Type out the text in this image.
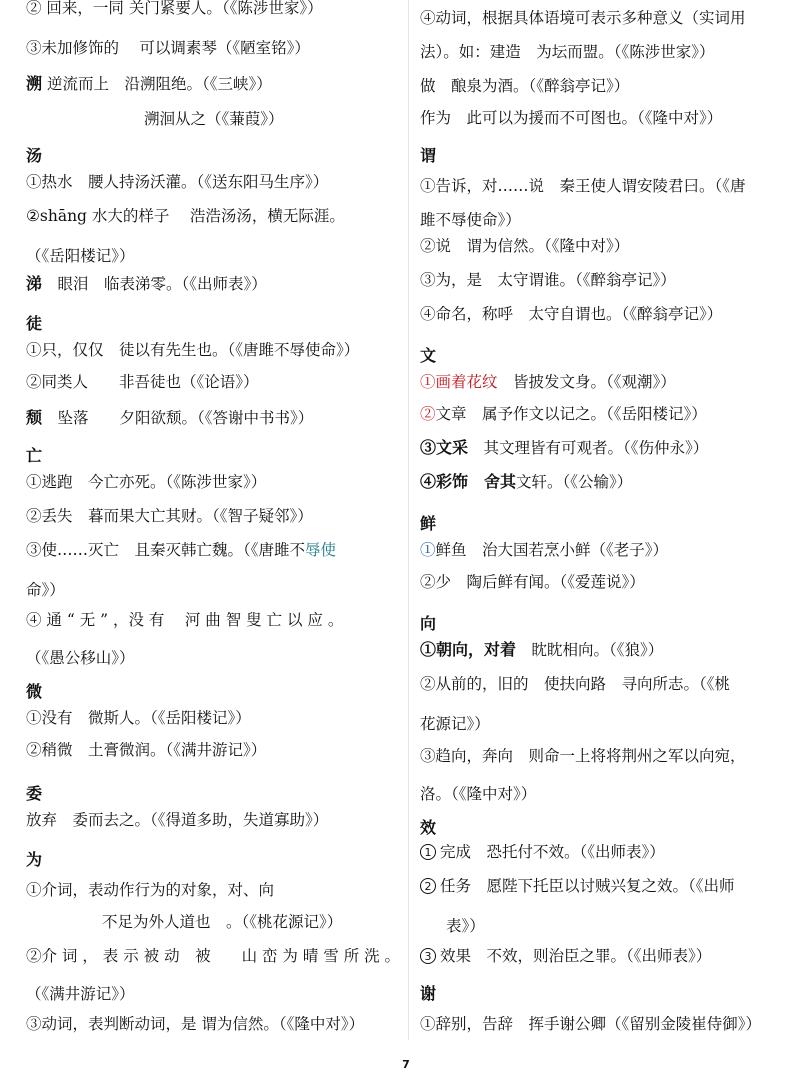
② 回来，一同 关门紧要人。（《陈涉世家》）
③未加修饰的　 可以调素琴（《陋室铭》）
溯 逆流而上　沿溯阻绝。（《三峡》）
溯洄从之（《蒹葭》）
汤
①热水　腰人持汤沃灌。（《送东阳马生序》）
②shāng 水大的样子　 浩浩汤汤，横无际涯。
（《岳阳楼记》）
涕　眼泪　临表涕零。（《出师表》）
徒
①只，仅仅　徒以有先生也。（《唐雎不辱使命》）
②同类人　　非吾徒也（《论语》）
颓　坠落　　夕阳欲颓。（《答谢中书书》）
亡
①逃跑　今亡亦死。（《陈涉世家》）
②丢失　暮而果大亡其财。（《智子疑邻》）
③使……灭亡　且秦灭韩亡魏。（《唐雎不辱使
命》）
④ 通 “ 无 ” ，没 有　 河 曲 智 叟 亡 以 应 。
（《愚公移山》）
微
①没有　微斯人。（《岳阳楼记》）
②稍微　土膏微润。（《满井游记》）
委
放弃　委而去之。（《得道多助，失道寡助》）
为
①介词，表动作行为的对象，对、向
不足为外人道也　。（《桃花源记》）
②介 词 ， 表 示 被 动　被　　山 峦 为 晴 雪 所 洗 。
（《满井游记》）
③动词，表判断动词，是 谓为信然。（《隆中对》）
④动词，根据具体语境可表示多种意义（实词用
法）。如：建造　为坛而盟。（《陈涉世家》）
做　酿泉为酒。（《醉翁亭记》）
作为　此可以为援而不可图也。（《隆中对》）
谓
①告诉，对……说　秦王使人谓安陵君曰。（《唐
雎不辱使命》）
②说　谓为信然。（《隆中对》）
③为，是　太守谓谁。（《醉翁亭记》）
④命名，称呼　太守自谓也。（《醉翁亭记》）
文
①画着花纹　皆披发文身。（《观潮》）
②文章　属予作文以记之。（《岳阳楼记》）
③文采　其文理皆有可观者。（《伤仲永》）
④彩饰　舍其文轩。（《公输》）
鲜
①鲜鱼　治大国若烹小鲜（《老子》）
②少　陶后鲜有闻。（《爱莲说》）
向
①朝向，对着　眈眈相向。（《狼》）
②从前的，旧的　使扶向路　寻向所志。（《桃
花源记》）
③趋向，奔向　则命一上将将荆州之军以向宛，
洛。（《隆中对》）
效
1 完成　恐托付不效。（《出师表》）
2 任务　愿陛下托臣以讨贼兴复之效。（《出师
表》）
3 效果　不效，则治臣之罪。（《出师表》）
谢
①辞别，告辞　挥手谢公卿（《留别金陵崔侍御》）
7
